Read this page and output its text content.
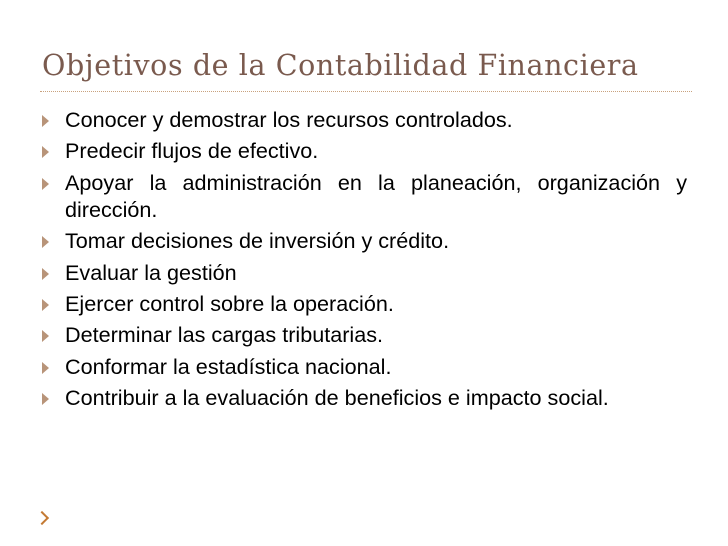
Objetivos de la Contabilidad Financiera
Conocer y demostrar los recursos controlados.
Predecir flujos de efectivo.
Apoyar la administración en la planeación, organización y dirección.
Tomar decisiones de inversión y crédito.
Evaluar la gestión
Ejercer control sobre la operación.
Determinar las cargas tributarias.
Conformar la estadística nacional.
Contribuir a la evaluación de beneficios e impacto social.
